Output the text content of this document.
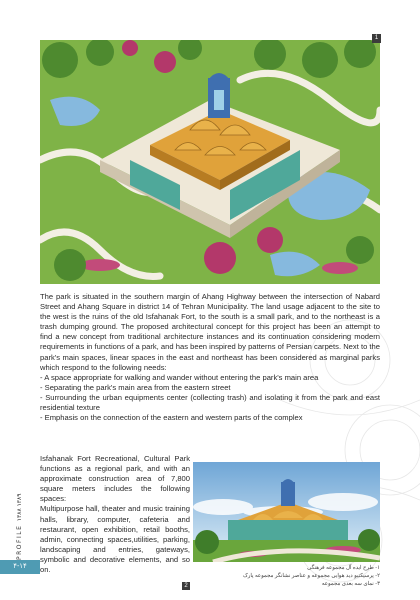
1

The park is situated in the southern margin of Ahang Highway between the intersection of Nabard Street and Ahang Square in district 14 of Tehran Municipality. The land usage adjacent to the site to the west is the ruins of the old Isfahanak Fort, to the south is a small park, and to the northeast is a trash dumping ground. The proposed architectural concept for this project has been an attempt to find a new concept from traditional architecture instances and its continuation considering modern requirements in functions of a park, and has been inspired by patterns of Persian carpets. Next to the park's main spaces, linear spaces in the east and northeast has been considered as marginal parks which respond to the following needs:

- A space appropriate for walking and wander without entering the park's main area

- Separating the park's main area from the eastern street

- Surrounding the urban equipments center (collecting trash) and isolating it from the park and east residential texture

- Emphasis on the connection of the eastern and western parts of the complex

Isfahanak Fort Recreational, Cultural Park functions as a regional park, and with an approximate construction area of 7,800 square meters includes the following spaces:

Multipurpose hall, theater and music training halls, library, computer, cafeteria and restaurant, open exhibition, retail booths, admin, connecting spaces,utilities, parking, landscaping and entries, gateways, symbolic and decorative elements, and so on.

2
۱- طرح ایده آل مجموعه فرهنگی
۲- پرسپکتیو دید هوایی مجموعه و عناصر نشانگر مجموعه پارک
۳- نمای سه بعدی مجموعه
PROFILE ۱۳۸۸ ۱۳۸۹
۴-۱۴
